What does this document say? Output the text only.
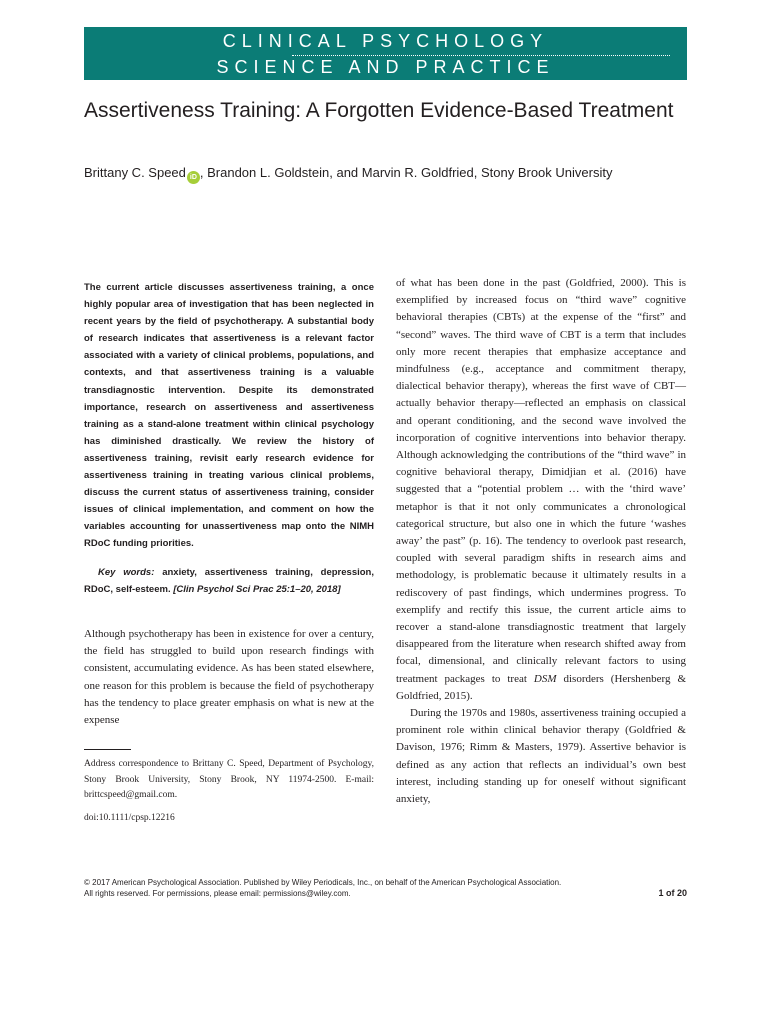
CLINICAL PSYCHOLOGY
SCIENCE AND PRACTICE
Assertiveness Training: A Forgotten Evidence-Based Treatment
Brittany C. Speed iD , Brandon L. Goldstein, and Marvin R. Goldfried, Stony Brook University

The current article discusses assertiveness training, a once highly popular area of investigation that has been neglected in recent years by the field of psychotherapy. A substantial body of research indicates that assertiveness is a relevant factor associated with a variety of clinical problems, populations, and contexts, and that assertiveness training is a valuable transdiagnostic intervention. Despite its demonstrated importance, research on assertiveness and assertiveness training as a stand-alone treatment within clinical psychology has diminished drastically. We review the history of assertiveness training, revisit early research evidence for assertiveness training in treating various clinical problems, discuss the current status of assertiveness training, consider issues of clinical implementation, and comment on how the variables accounting for unassertiveness map onto the NIMH RDoC funding priorities.

Key words: anxiety, assertiveness training, depression, RDoC, self-esteem. [Clin Psychol Sci Prac 25:1–20, 2018]

Although psychotherapy has been in existence for over a century, the field has struggled to build upon research findings with consistent, accumulating evidence. As has been stated elsewhere, one reason for this problem is because the field of psychotherapy has the tendency to place greater emphasis on what is new at the expense

Address correspondence to Brittany C. Speed, Department of Psychology, Stony Brook University, Stony Brook, NY 11974-2500. E-mail: brittcspeed@gmail.com.

doi:10.1111/cpsp.12216

of what has been done in the past (Goldfried, 2000). This is exemplified by increased focus on “third wave” cognitive behavioral therapies (CBTs) at the expense of the “first” and “second” waves. The third wave of CBT is a term that includes only more recent therapies that emphasize acceptance and mindfulness (e.g., acceptance and commitment therapy, dialectical behavior therapy), whereas the first wave of CBT—actually behavior therapy—reflected an emphasis on classical and operant conditioning, and the second wave involved the incorporation of cognitive interventions into behavior therapy. Although acknowledging the contributions of the “third wave” in cognitive behavioral therapy, Dimidjian et al. (2016) have suggested that a “potential problem … with the ‘third wave’ metaphor is that it not only communicates a chronological categorical structure, but also one in which the future ‘washes away’ the past” (p. 16). The tendency to overlook past research, coupled with several paradigm shifts in research aims and methodology, is problematic because it ultimately results in a rediscovery of past findings, which undermines progress. To exemplify and rectify this issue, the current article aims to recover a stand-alone transdiagnostic treatment that largely disappeared from the literature when research shifted away from focal, dimensional, and clinically relevant factors to using treatment packages to treat DSM disorders (Hershenberg & Goldfried, 2015).

During the 1970s and 1980s, assertiveness training occupied a prominent role within clinical behavior therapy (Goldfried & Davison, 1976; Rimm & Masters, 1979). Assertive behavior is defined as any action that reflects an individual’s own best interest, including standing up for oneself without significant anxiety,

© 2017 American Psychological Association. Published by Wiley Periodicals, Inc., on behalf of the American Psychological Association.
All rights reserved. For permissions, please email: permissions@wiley.com.	1 of 20
